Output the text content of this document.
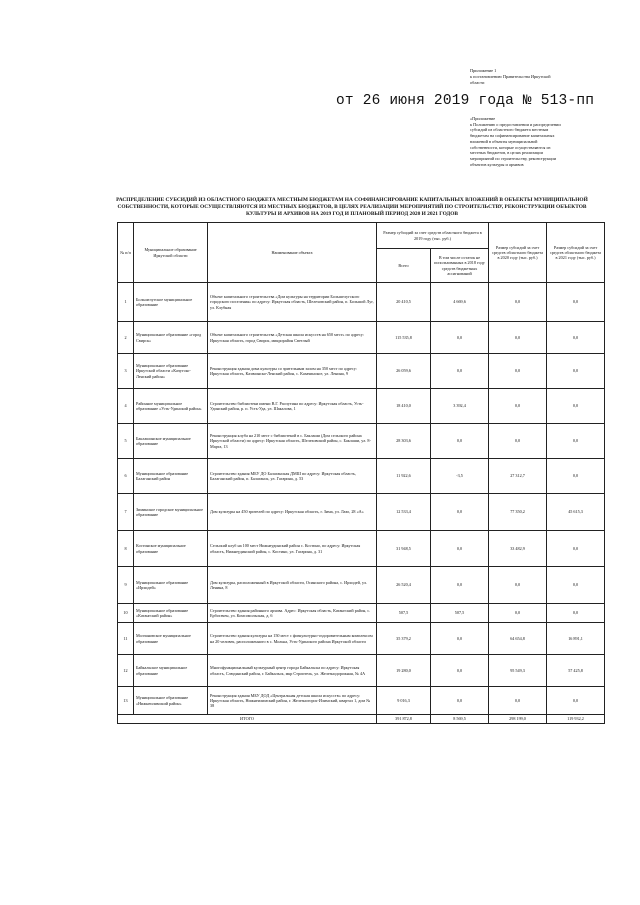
Приложение 1
к постановлению Правительства Иркутской
области
от 26 июня 2019 года № 513-пп
«Приложение
к Положению о предоставлении и распределении
субсидий из областного бюджета местным
бюджетам на софинансирование капитальных
вложений в объекты муниципальной
собственности, которые осуществляются из
местных бюджетов, в целях реализации
мероприятий по строительству, реконструкции
объектов культуры и архивов
РАСПРЕДЕЛЕНИЕ СУБСИДИЙ ИЗ ОБЛАСТНОГО БЮДЖЕТА МЕСТНЫМ БЮДЖЕТАМ НА СОФИНАНСИРОВАНИЕ КАПИТАЛЬНЫХ ВЛОЖЕНИЙ В ОБЪЕКТЫ МУНИЦИПАЛЬНОЙ
СОБСТВЕННОСТИ, КОТОРЫЕ ОСУЩЕСТВЛЯЮТСЯ ИЗ МЕСТНЫХ БЮДЖЕТОВ, В ЦЕЛЯХ РЕАЛИЗАЦИИ МЕРОПРИЯТИЙ ПО СТРОИТЕЛЬСТВУ, РЕКОНСТРУКЦИИ ОБЪЕКТОВ
КУЛЬТУРЫ И АРХИВОВ НА 2019 ГОД И ПЛАНОВЫЙ ПЕРИОД 2020 И 2021 ГОДОВ
№ п/п	Муниципальное образование Иркутской области	Наименование объекта	Размер субсидий за счет средств областного бюджета в 2019 году (тыс. руб.)		Размер субсидий за счет средств областного бюджета в 2020 году (тыс. руб.)	Размер субсидий за счет средств областного бюджета в 2021 году (тыс. руб.)
			Всего	В том числе остаток не использованных в 2018 году средств бюджетных ассигнований		
1	Большелугское муниципальное образование	Объект капитального строительства «Дом культуры на территории Большелугского городского поселения» по адресу: Иркутская область, Шелеховский район, п. Большой Луг, ул. Клубная	20 410,5	4 669,6	0,0	0,0
2	Муниципальное образование «город Свирск»	Объект капитального строительства «Детская школа искусств на 650 мест» по адресу: Иркутская область, город Свирск, микрорайон Светлый	115 535,8	0,0	0,0	0,0
3	Муниципальное образование Иркутской области «Качугско-Ленский район»	Реконструкция здания дома культуры со зрительным залом на 350 мест по адресу: Иркутская область, Казачинско-Ленский район, с. Казачинское, ул. Ленина, 9	26 059,6	0,0	0,0	0,0
4	Районное муниципальное образование «Усть-Удинский район»	Строительство библиотеки имени В.Г. Распутина по адресу: Иркутская область, Усть-Удинский район, р. п. Усть-Уда, ул. Шакалова, 1	18 410,0	3 392,4	0,0	0,0
5	Баклашинское муниципальное образование	Реконструкция клуба на 210 мест с библиотекой в с. Баклаши (Дом сельского района Иркутской области) по адресу: Иркутская область, Шелеховский район, с. Баклаши, ул. 8-Марта, 13	28 303,6	0,0	0,0	0,0
6	Муниципальное образование Балаганский район	Строительство здания МБУ ДО Балаганская ДМШ по адресу: Иркутская область, Балаганский район, п. Балаганск, ул. Гагарина, д. 53	11 922,6	-3,5	27 312,7	0,0
7	Зиминское городское муниципальное образование	Дом культуры на 450 зрителей по адресу: Иркутская область, г. Зима, ул. Лазо, 28 «А»	12 533,4	0,0	77 350,2	45 615,3
8	Костинское муниципальное образование	Сельский клуб на 100 мест Нижнеудинский район с. Костино, по адресу: Иркутская область, Нижнеудинский район, с. Костино, ул. Гагарина, д. 31	31 948,5	0,0	33 482,9	0,0
9	Муниципальное образование «Ирхидей»	Дом культуры, расположенный в Иркутской области, Осинского района, с. Ирхидей, ул. Ленина, 8	26 520,4	0,0	0,0	0,0
10	Муниципальное образование «Катангский район»	Строительство здания районного архива. Адрес: Иркутская область, Катангский район, с. Ербогачен, ул. Комсомольская, д. 6	507,5	507,5	0,0	0,0
11	Молчановское муниципальное образование	Строительство здания культуры на 150 мест с физкультурно-оздоровительным комплексом на 20 человек, расположенного в с. Молька, Усть-Удинского района Иркутской области	35 379,2	0,0	64 654,8	16 891,1
12	Байкальское муниципальное образование	Многофункциональный культурный центр города Байкальска по адресу: Иркутская область, Слюдянский район, г. Байкальск, мкр Строитель, ул. Железнодорожная, № 4А	19 280,0	0,0	95 549,3	57 425,8
13	Муниципальное образование «Нижнеилимский район»	Реконструкция здания МБУ ДОД «Центральная детская школа искусств» по адресу: Иркутская область, Нижнеилимский район, г. Железногорск-Илимский, квартал 1, дом № 38	9 016,3	0,0	0,0	0,0
ИТОГО			391 872,8	8 569,5	298 199,0	119 932,2
